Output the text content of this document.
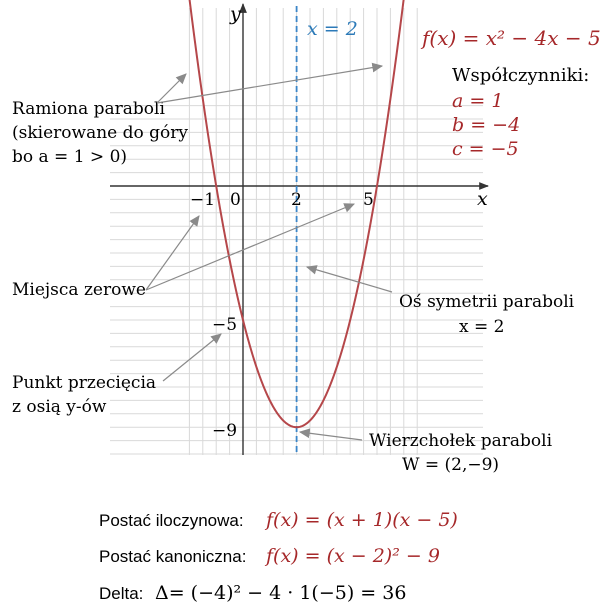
y
x
−1 0	2	5
−5
−9
x = 2	f(x) = x² − 4x − 5
Współczynniki:
a = 1
b = −4
c = −5
Ramiona paraboli
(skierowane do góry
bo a = 1 > 0)
Miejsca zerowe
Punkt przecięcia
z osią y-ów
Oś symetrii paraboli
x = 2
Wierzchołek paraboli
W = (2,−9)
Postać iloczynowa: f(x) = (x + 1)(x − 5)
Postać kanoniczna: f(x) = (x − 2)² − 9
Delta: Δ= (−4)² − 4 · 1(−5) = 36
